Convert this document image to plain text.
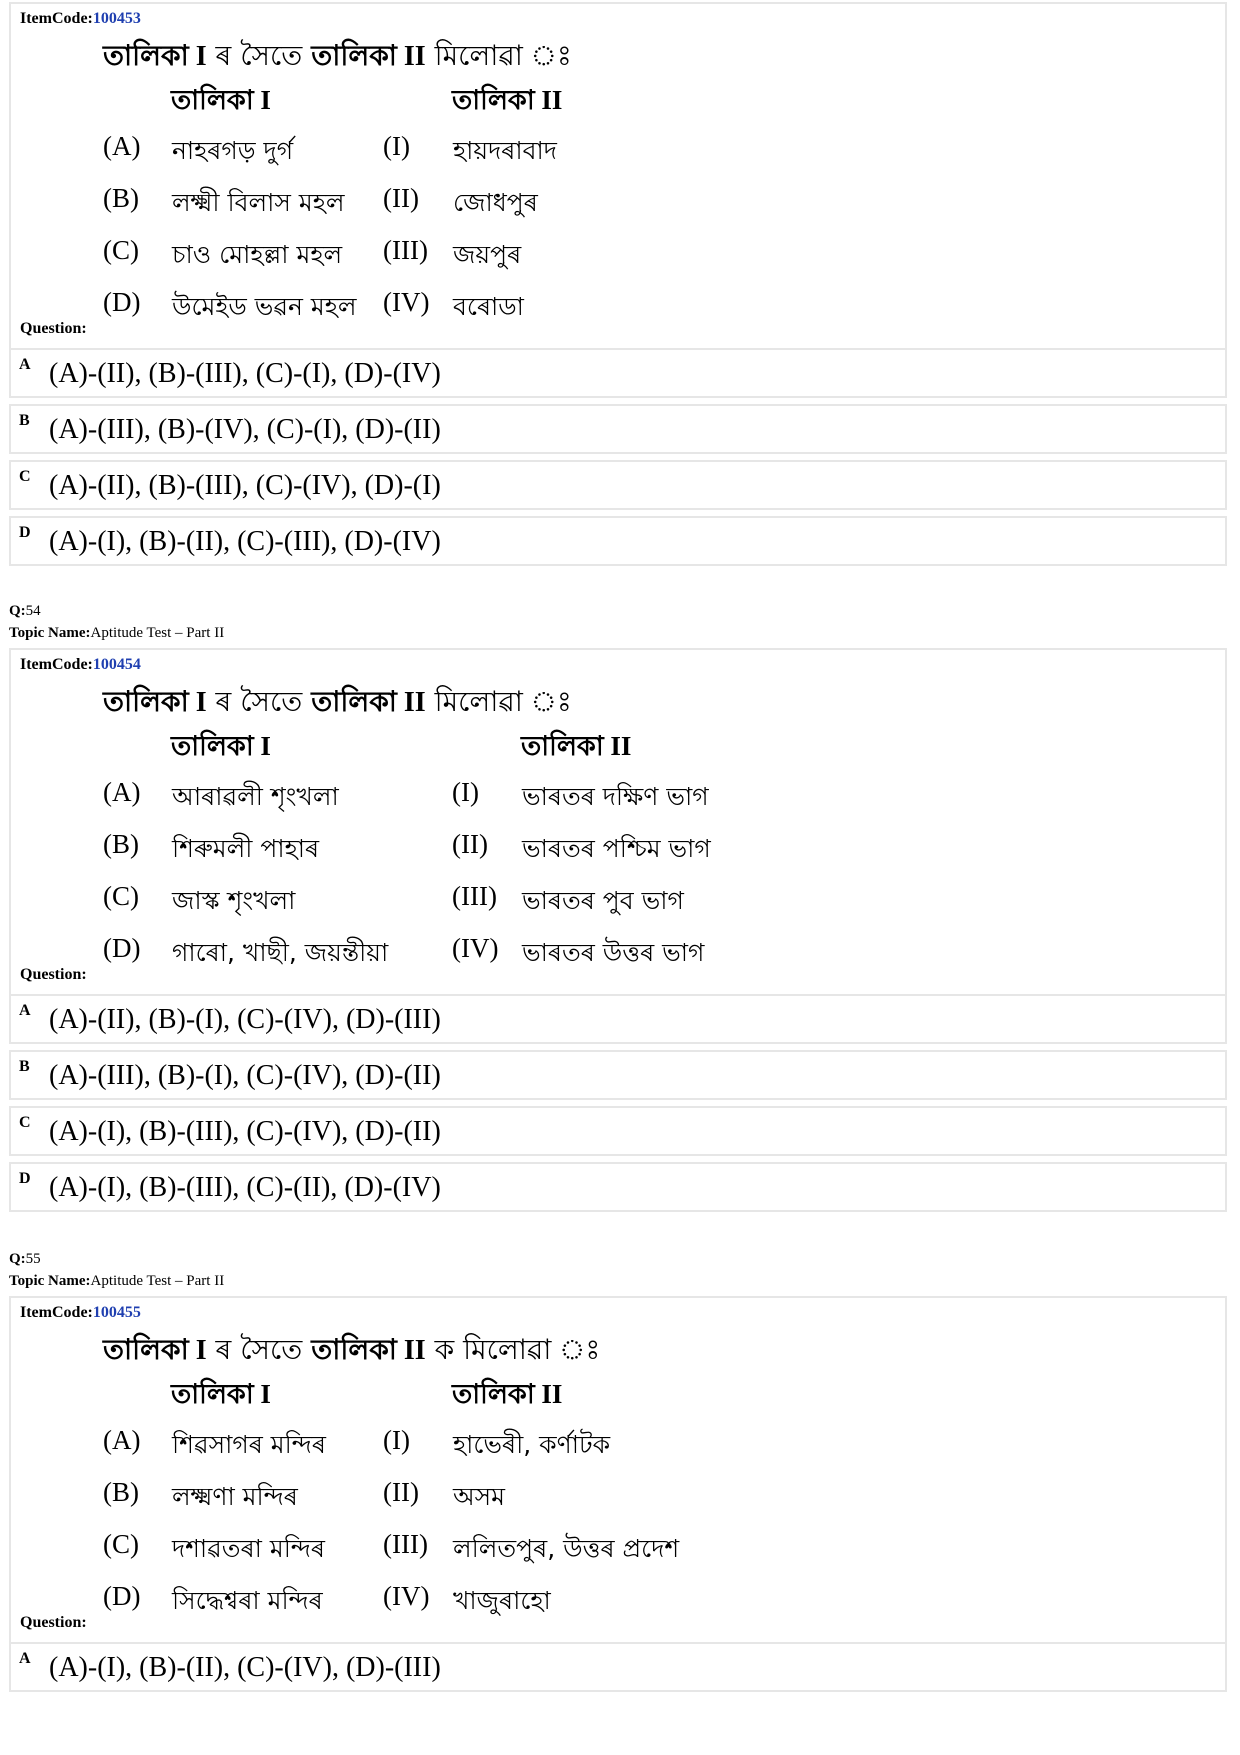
ItemCode:100453
তালিকা I ৰ সৈতে তালিকা II মিলোৱা ঃ
তালিকা I	তালিকা II
(A) নাহৰগড় দুৰ্গ	(I) হায়দৰাবাদ
(B) লক্ষ্মী বিলাস মহল (II) জোধপুৰ
(C) চাও মোহল্লা মহল (III) জয়পুৰ
(D) উমেইড ভৱন মহল (IV) বৰোডা
Question:
A (A)-(II), (B)-(III), (C)-(I), (D)-(IV)
B (A)-(III), (B)-(IV), (C)-(I), (D)-(II)
C (A)-(II), (B)-(III), (C)-(IV), (D)-(I)
D (A)-(I), (B)-(II), (C)-(III), (D)-(IV)
Q:54
Topic Name:Aptitude Test – Part II
ItemCode:100454
তালিকা I ৰ সৈতে তালিকা II মিলোৱা ঃ
তালিকা I	তালিকা II
(A) আৰাৱলী শৃংখলা	(I) ভাৰতৰ দক্ষিণ ভাগ
(B) শিৰুমলী পাহাৰ	(II) ভাৰতৰ পশ্চিম ভাগ
(C) জাস্ক শৃংখলা	(III) ভাৰতৰ পুব ভাগ
(D) গাৰো, খাছী, জয়ন্তীয়া (IV) ভাৰতৰ উত্তৰ ভাগ
Question:
A (A)-(II), (B)-(I), (C)-(IV), (D)-(III)
B (A)-(III), (B)-(I), (C)-(IV), (D)-(II)
C (A)-(I), (B)-(III), (C)-(IV), (D)-(II)
D (A)-(I), (B)-(III), (C)-(II), (D)-(IV)
Q:55
Topic Name:Aptitude Test – Part II
ItemCode:100455
তালিকা I ৰ সৈতে তালিকা II ক মিলোৱা ঃ
তালিকা I	তালিকা II
(A) শিৱসাগৰ মন্দিৰ (I) হাভেৰী, কৰ্ণাটক
(B) লক্ষ্মণা মন্দিৰ	(II) অসম
(C) দশাৱতৰা মন্দিৰ (III) ললিতপুৰ, উত্তৰ প্ৰদেশ
(D) সিদ্ধেশ্বৰা মন্দিৰ (IV) খাজুৰাহো
Question:
A (A)-(I), (B)-(II), (C)-(IV), (D)-(III)
